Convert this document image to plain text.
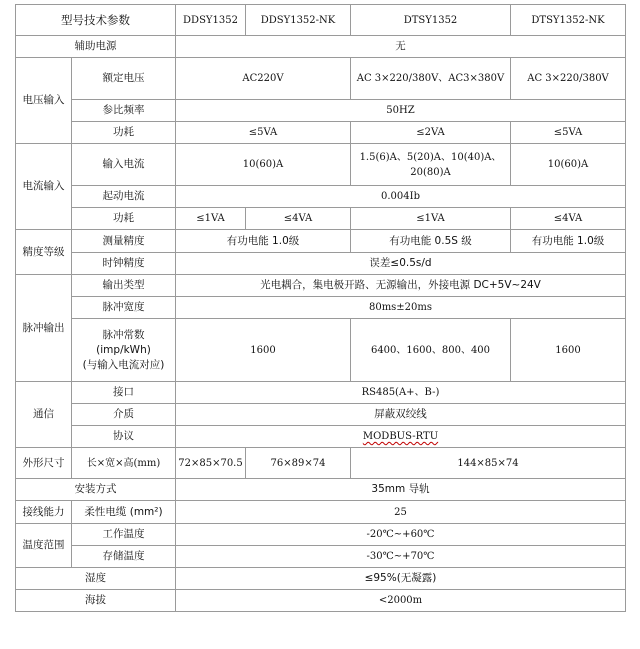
型号技术参数		DDSY1352	DDSY1352-NK	DTSY1352	DTSY1352-NK
辅助电源		无			
电压输入	额定电压	AC220V		AC 3×220/380V、AC3×380V	AC 3×220/380V
	参比频率	50HZ			
	功耗	≤5VA		≤2VA	≤5VA
电流输入	输入电流	10(60)A		1.5(6)A、5(20)A、10(40)A、
20(80)A	10(60)A
	起动电流	0.004Ib			
	功耗	≤1VA	≤4VA	≤1VA	≤4VA
精度等级	测量精度	有功电能 1.0级		有功电能 0.5S 级	有功电能 1.0级
	时钟精度	误差≤0.5s/d			
脉冲输出	输出类型	光电耦合，集电极开路、无源输出，外接电源 DC+5V~24V			
	脉冲宽度	80ms±20ms			
	脉冲常数
(imp/kWh)
(与输入电流对应)	1600		6400、1600、800、400	1600
通信	接口	RS485(A+、B-)			
	介质	屏蔽双绞线			
	协议	MODBUS-RTU			
外形尺寸	长×宽×高(mm)	72×85×70.5	76×89×74	144×85×74	
安装方式		35mm 导轨			
接线能力	柔性电缆 (mm²)	25			
温度范围	工作温度	-20℃~+60℃			
	存储温度	-30℃~+70℃			
湿度		≤95%(无凝露)			
海拔		<2000m			
